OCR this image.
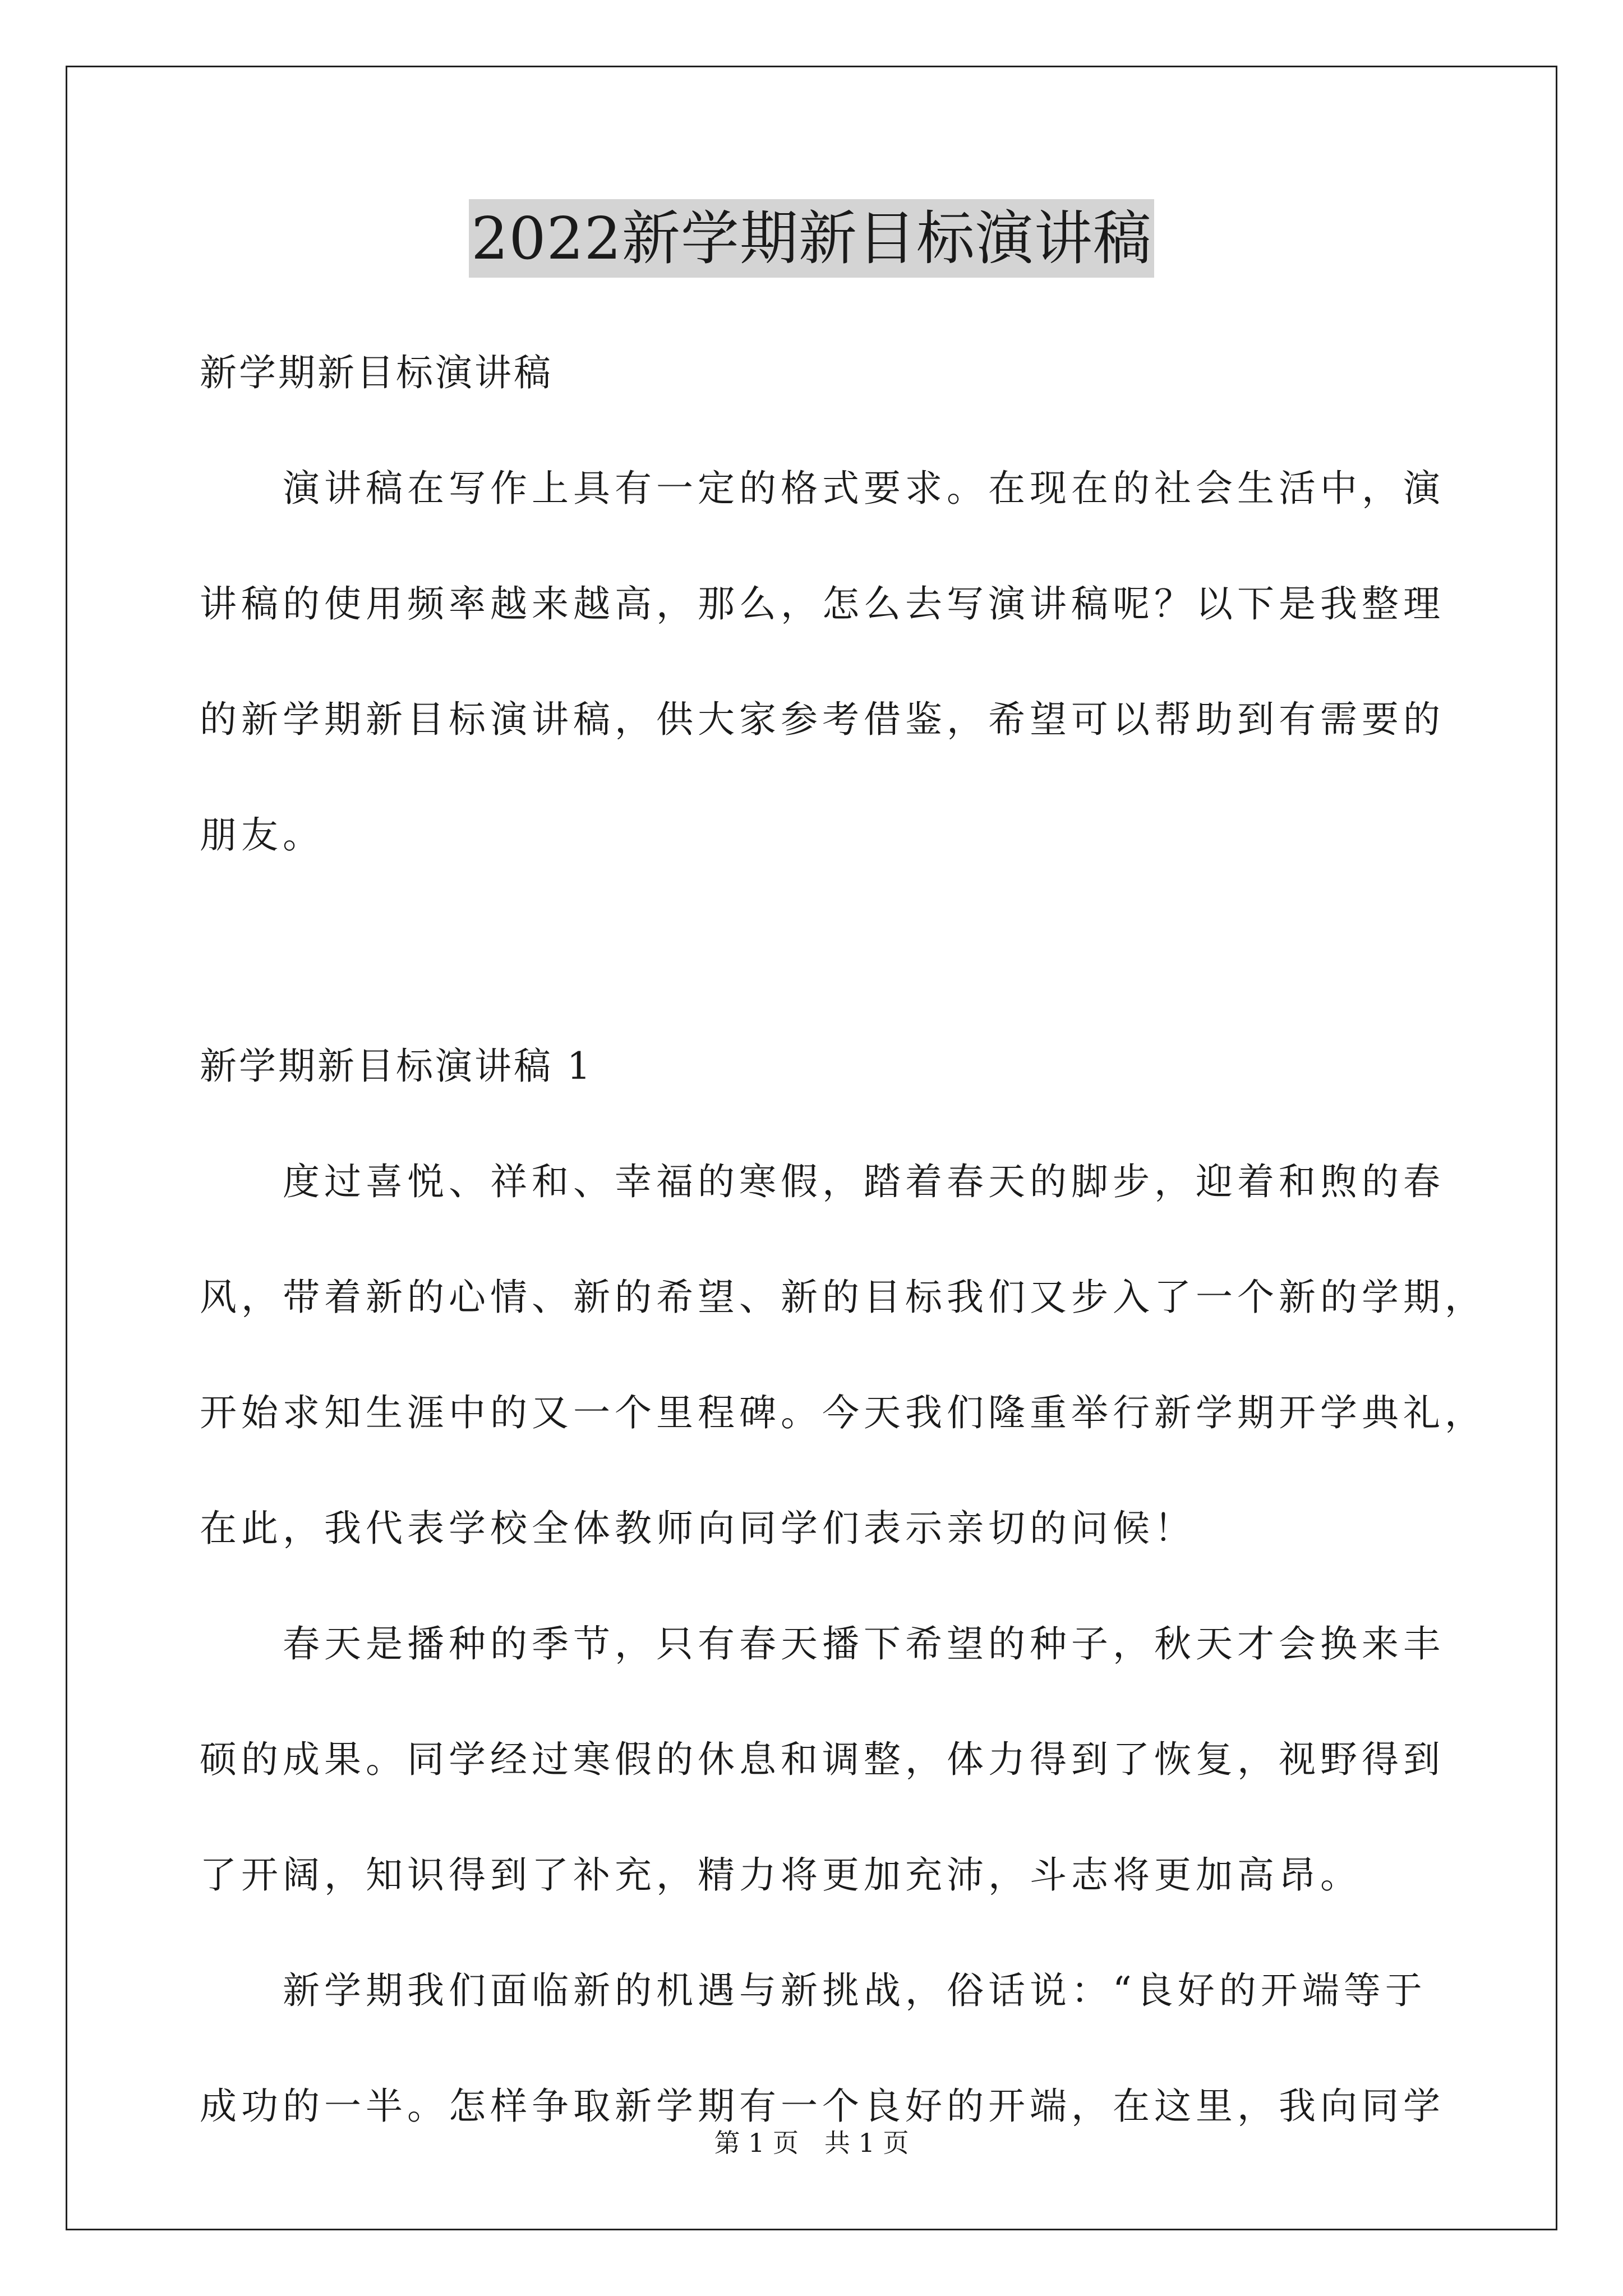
2022新学期新目标演讲稿
新学期新目标演讲稿
　　演讲稿在写作上具有一定的格式要求。在现在的社会生活中，演
讲稿的使用频率越来越高，那么，怎么去写演讲稿呢？以下是我整理
的新学期新目标演讲稿，供大家参考借鉴，希望可以帮助到有需要的
朋友。
新学期新目标演讲稿 1
　　度过喜悦、祥和、幸福的寒假，踏着春天的脚步，迎着和煦的春
风，带着新的心情、新的希望、新的目标我们又步入了一个新的学期，
开始求知生涯中的又一个里程碑。今天我们隆重举行新学期开学典礼，
在此，我代表学校全体教师向同学们表示亲切的问候！
　　春天是播种的季节，只有春天播下希望的种子，秋天才会换来丰
硕的成果。同学经过寒假的休息和调整，体力得到了恢复，视野得到
了开阔，知识得到了补充，精力将更加充沛，斗志将更加高昂。
　　新学期我们面临新的机遇与新挑战，俗话说：“良好的开端等于
成功的一半。怎样争取新学期有一个良好的开端，在这里，我向同学
第 1 页　共 1 页
